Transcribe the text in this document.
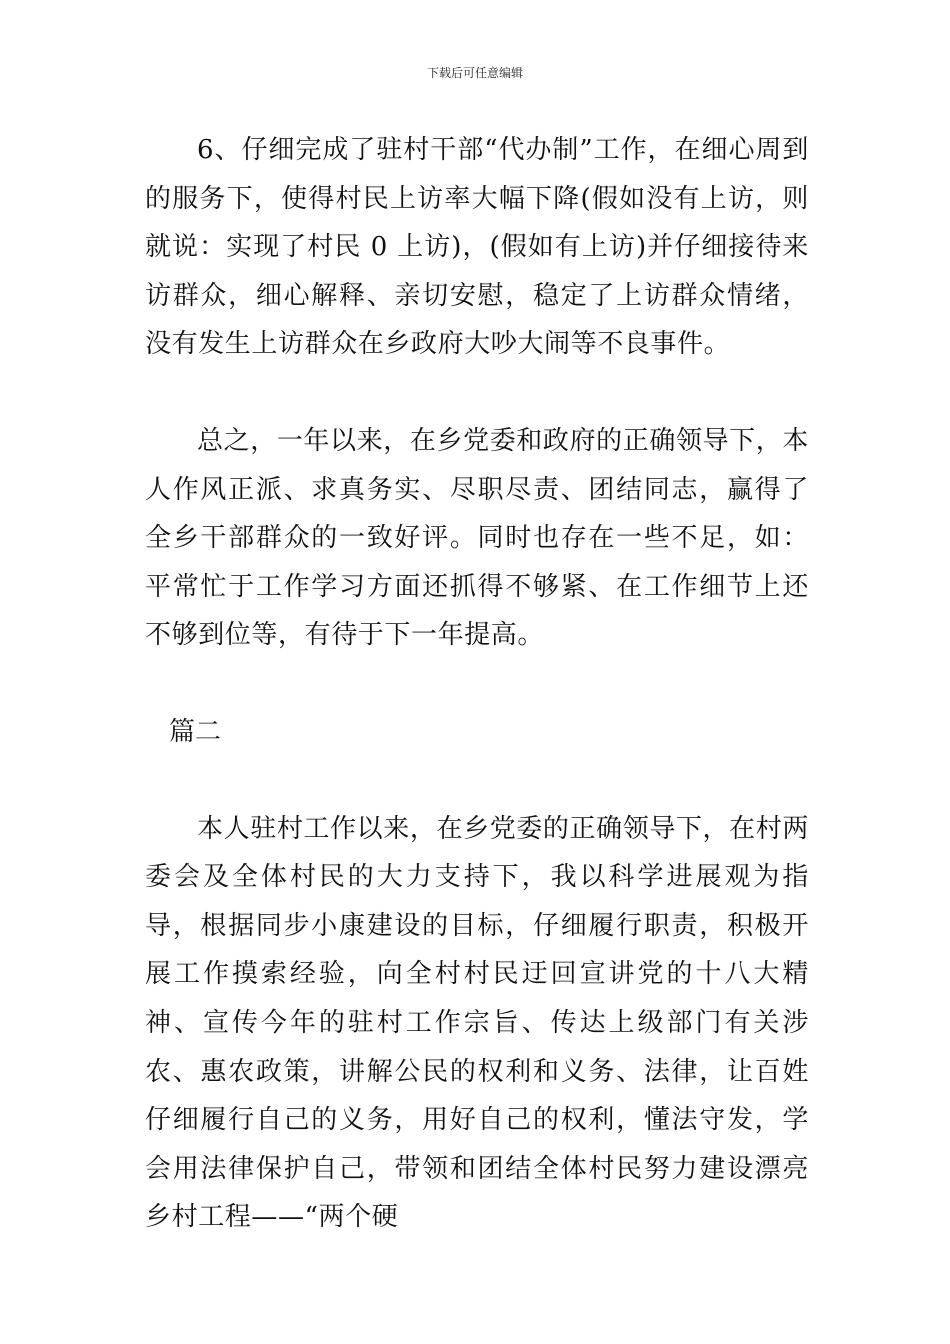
下载后可任意编辑

6、仔细完成了驻村干部“代办制”工作，在细心周到的服务下，使得村民上访率大幅下降(假如没有上访，则就说：实现了村民 0 上访)，(假如有上访)并仔细接待来访群众，细心解释、亲切安慰，稳定了上访群众情绪，没有发生上访群众在乡政府大吵大闹等不良事件。

总之，一年以来，在乡党委和政府的正确领导下，本人作风正派、求真务实、尽职尽责、团结同志，赢得了全乡干部群众的一致好评。同时也存在一些不足，如：平常忙于工作学习方面还抓得不够紧、在工作细节上还不够到位等，有待于下一年提高。

篇二

本人驻村工作以来，在乡党委的正确领导下，在村两委会及全体村民的大力支持下，我以科学进展观为指导，根据同步小康建设的目标，仔细履行职责，积极开展工作摸索经验，向全村村民迂回宣讲党的十八大精神、宣传今年的驻村工作宗旨、传达上级部门有关涉农、惠农政策，讲解公民的权利和义务、法律，让百姓仔细履行自己的义务，用好自己的权利，懂法守发，学会用法律保护自己，带领和团结全体村民努力建设漂亮乡村工程——“两个硬
